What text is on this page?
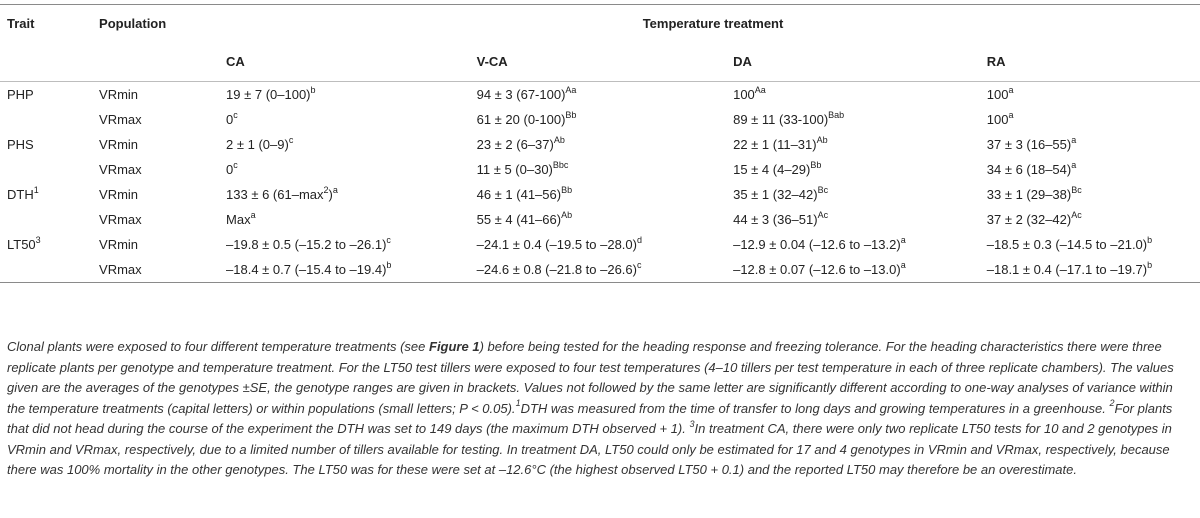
Trait	Population	Temperature treatment			
		CA	V-CA	DA	RA
PHP	VRmin	19 ± 7 $(0-100)^b$	94 ± 3 $(67-100)^{Aa}$	$100^{Aa}$	100$^a$
	VRmax	0$^c$	61 ± 20 $(0-100)^{Bb}$	89 ± 11 $(33-100)^{Bab}$	100$^a$
PHS	VRmin	2 ± 1 $(0-9)^c$	23 ± 2 $(6-37)^{Ab}$	22 ± 1 $(11-31)^{Ab}$	37 ± 3 $(16-55)^a$
	VRmax	0$^c$	11 ± 5 $(0-30)^{Bbc}$	15 ± 4 $(4-29)^{Bb}$	34 ± 6 $(18-54)^a$
DTH$^1$	VRmin	133 ± 6 $(61-\max^2)^a$	46 ± 1 $(41-56)^{Bb}$	35 ± 1 $(32-42)^{Bc}$	33 ± 1 $(29-38)^{Bc}$
	VRmax	Max$^a$	55 ± 4 $(41-66)^{Ab}$	44 ± 3 $(36-51)^{Ac}$	37 ± 2 $(32-42)^{Ac}$
$LT50^3$	VRmin	–19.8 ± 0.5 (–15.2 to –26.1)$^c$	–24.1 ± 0.4 (–19.5 to –28.0)$^d$	–12.9 ± 0.04 (–12.6 to –13.2)$^a$	–18.5 ± 0.3 (–14.5 to –21.0)$^b$
	VRmax	–18.4 ± 0.7 (–15.4 to –19.4)$^b$	–24.6 ± 0.8 (–21.8 to –26.6)$^c$	–12.8 ± 0.07 (–12.6 to –13.0)$^a$	–18.1 ± 0.4 (–17.1 to –19.7)$^b$

Clonal plants were exposed to four different temperature treatments (see Figure 1) before being tested for the heading response and freezing tolerance. For the heading characteristics there were three replicate plants per genotype and temperature treatment. For the LT50 test tillers were exposed to four test temperatures (4–10 tillers per test temperature in each of three replicate chambers). The values given are the averages of the genotypes ±SE, the genotype ranges are given in brackets. Values not followed by the same letter are significantly different according to one-way analyses of variance within the temperature treatments (capital letters) or within populations (small letters; P < 0.05).$^1$DTH was measured from the time of transfer to long days and growing temperatures in a greenhouse. $^2$For plants that did not head during the course of the experiment the DTH was set to 149 days (the maximum DTH observed + 1). $^3$In treatment CA, there were only two replicate LT50 tests for 10 and 2 genotypes in VRmin and VRmax, respectively, due to a limited number of tillers available for testing. In treatment DA, LT50 could only be estimated for 17 and 4 genotypes in VRmin and VRmax, respectively, because there was 100% mortality in the other genotypes. The LT50 was for these were set at –12.6°C (the highest observed LT50 + 0.1) and the reported LT50 may therefore be an overestimate.
